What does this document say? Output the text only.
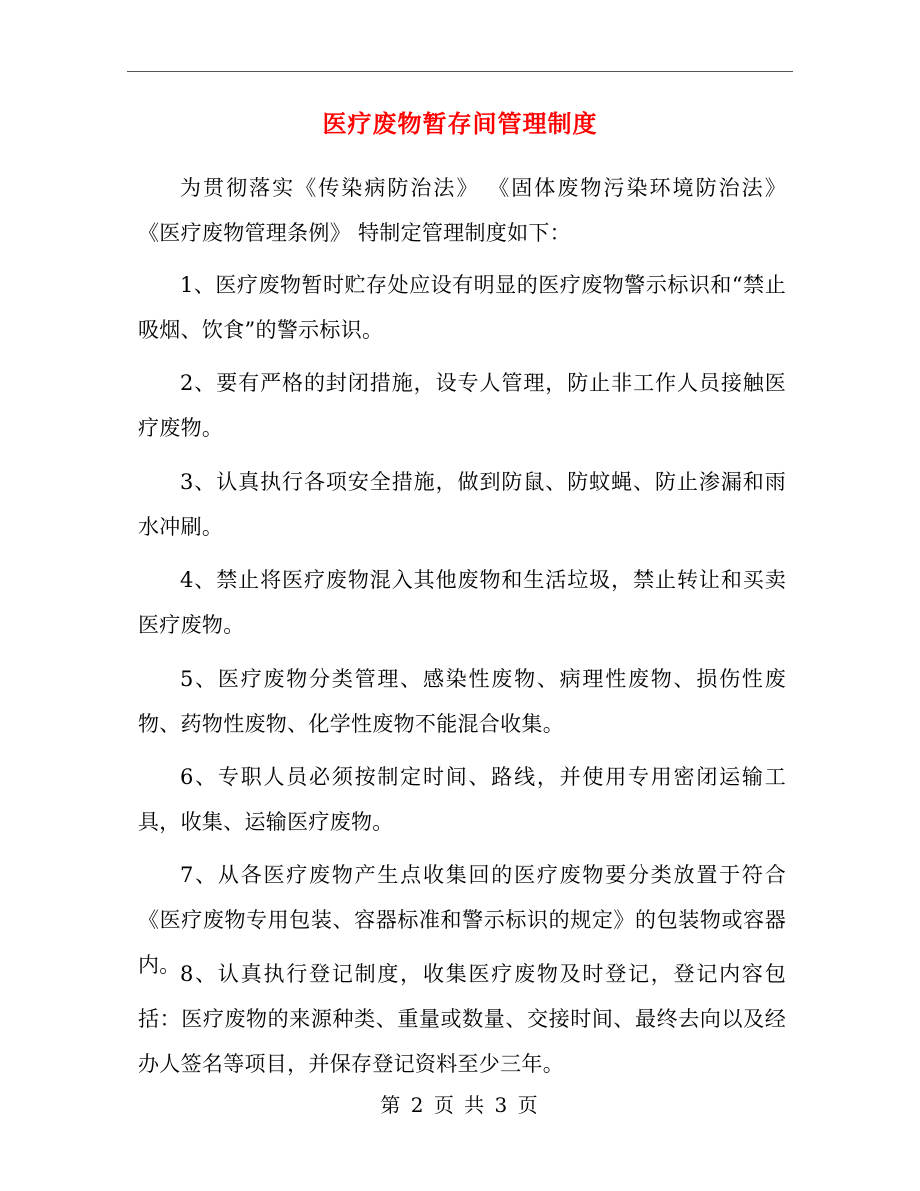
医疗废物暂存间管理制度

为贯彻落实《传染病防治法》 《固体废物污染环境防治法》 《医疗废物管理条例》 特制定管理制度如下：

1、医疗废物暂时贮存处应设有明显的医疗废物警示标识和“禁止吸烟、饮食”的警示标识。

2、要有严格的封闭措施，设专人管理，防止非工作人员接触医疗废物。

3、认真执行各项安全措施，做到防鼠、防蚊蝇、防止渗漏和雨水冲刷。

4、禁止将医疗废物混入其他废物和生活垃圾，禁止转让和买卖医疗废物。

5、医疗废物分类管理、感染性废物、病理性废物、损伤性废物、药物性废物、化学性废物不能混合收集。

6、专职人员必须按制定时间、路线，并使用专用密闭运输工具，收集、运输医疗废物。

7、从各医疗废物产生点收集回的医疗废物要分类放置于符合《医疗废物专用包装、容器标准和警示标识的规定》的包装物或容器内。 8、认真执行登记制度，收集医疗废物及时登记，登记内容包括：医疗废物的来源种类、重量或数量、交接时间、最终去向以及经办人签名等项目，并保存登记资料至少三年。

第 2 页 共 3 页
